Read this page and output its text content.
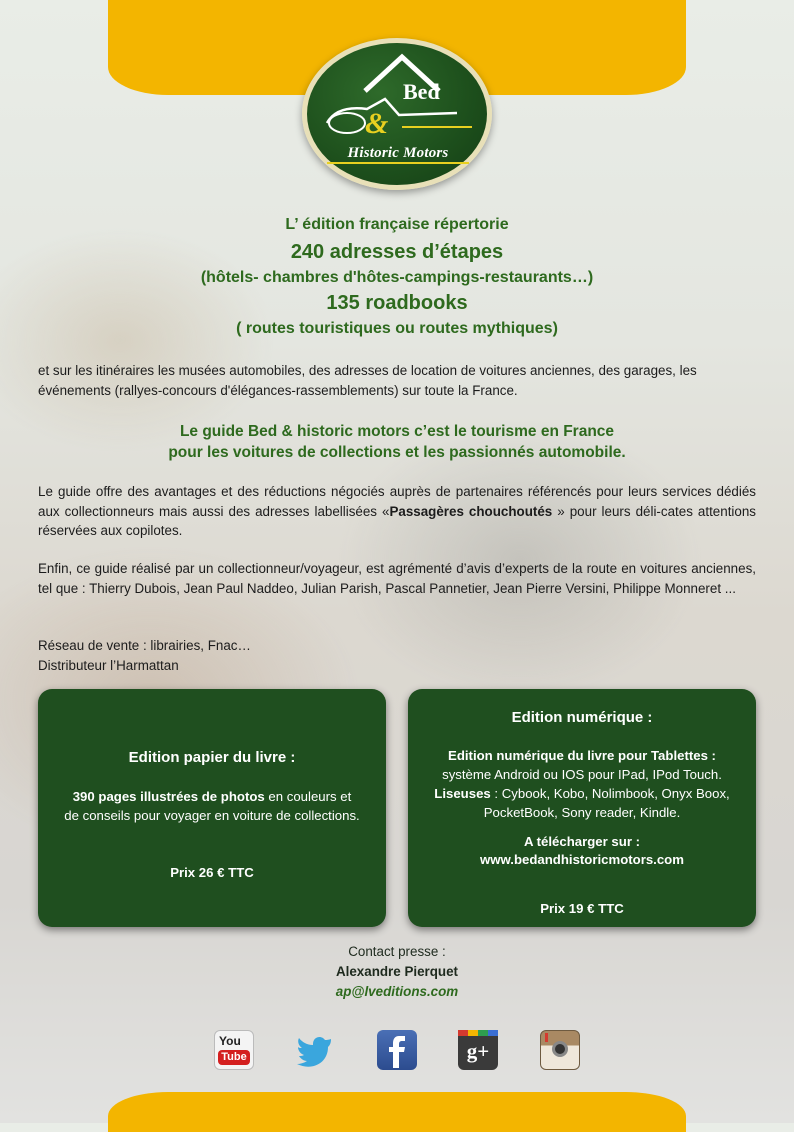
Bed
&
Historic Motors
L’ édition française répertorie
240 adresses d’étapes
(hôtels- chambres d'hôtes-campings-restaurants…)
135 roadbooks
( routes touristiques ou routes mythiques)
et sur les itinéraires les musées automobiles, des adresses de location de voitures anciennes, des garages, les événements (rallyes-concours d'élégances-rassemblements) sur toute la France.
Le guide Bed & historic motors c’est le tourisme en France
pour les voitures de collections et les passionnés automobile.
Le guide offre des avantages et des réductions négociés auprès de partenaires référencés pour leurs services dédiés aux collectionneurs mais aussi des adresses labellisées «Passagères chouchoutés » pour leurs déli-cates attentions réservées aux copilotes.
Enfin, ce guide réalisé par un collectionneur/voyageur, est agrémenté d’avis d’experts de la route en voitures anciennes, tel que : Thierry Dubois, Jean Paul Naddeo, Julian Parish, Pascal Pannetier, Jean Pierre Versini, Philippe Monneret ...
Réseau de vente : librairies, Fnac…
Distributeur l’Harmattan
Edition papier du livre :

390 pages illustrées de photos en couleurs et de conseils pour voyager en voiture de collections.

Prix 26 € TTC

Edition numérique :

Edition numérique du livre pour Tablettes :
système Android ou IOS pour IPad, IPod Touch.
Liseuses : Cybook, Kobo, Nolimbook, Onyx Boox, PocketBook, Sony reader, Kindle.

A télécharger sur :

www.bedandhistoricmotors.com

Prix 19 € TTC

Contact presse :
Alexandre Pierquet
ap@lveditions.com
You
Tube	g+
